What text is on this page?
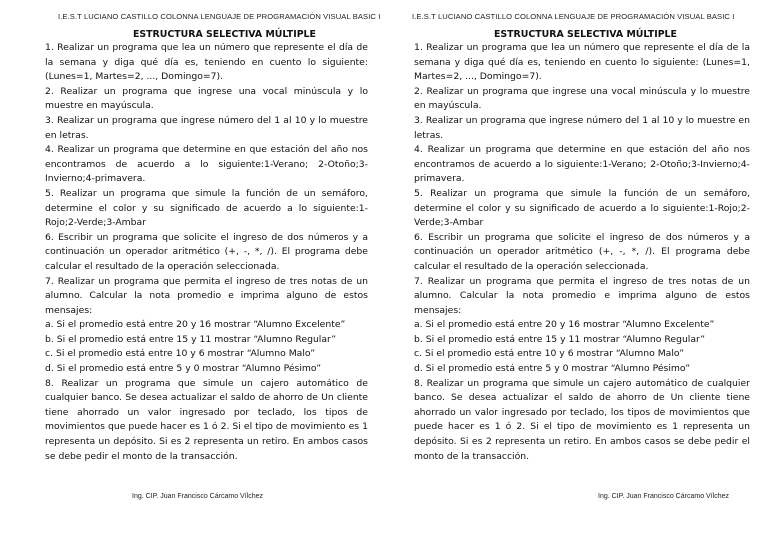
I.E.S.T LUCIANO CASTILLO COLONNA LENGUAJE DE PROGRAMACIÓN VISUAL BASIC I
ESTRUCTURA SELECTIVA MÚLTIPLE

1. Realizar un programa que lea un número que represente el día de la semana y diga qué día es, teniendo en cuento lo siguiente: (Lunes=1, Martes=2, ..., Domingo=7).

2. Realizar un programa que ingrese una vocal minúscula y lo muestre en mayúscula.

3. Realizar un programa que ingrese número del 1 al 10 y lo muestre en letras.

4. Realizar un programa que determine en que estación del año nos encontramos de acuerdo a lo siguiente:1-Verano; 2-Otoño;3-Invierno;4-primavera.

5. Realizar un programa que simule la función de un semáforo, determine el color y su significado de acuerdo a lo siguiente:1-Rojo;2-Verde;3-Ambar

6. Escribir un programa que solicite el ingreso de dos números y a continuación un operador aritmético (+, -, *, /). El programa debe calcular el resultado de la operación seleccionada.

7. Realizar un programa que permita el ingreso de tres notas de un alumno. Calcular la nota promedio e imprima alguno de estos mensajes:

a. Si el promedio está entre 20 y 16 mostrar “Alumno Excelente”

b. Si el promedio está entre 15 y 11 mostrar “Alumno Regular”

c. Si el promedio está entre 10 y 6 mostrar “Alumno Malo”

d. Si el promedio está entre 5 y 0 mostrar “Alumno Pésimo”

8. Realizar un programa que simule un cajero automático de cualquier banco. Se desea actualizar el saldo de ahorro de Un cliente tiene ahorrado un valor ingresado por teclado, los tipos de movimientos que puede hacer es 1 ó 2. Si el tipo de movimiento es 1 representa un depósito. Si es 2 representa un retiro. En ambos casos se debe pedir el monto de la transacción.

Ing. CIP. Juan Francisco Cárcamo Vílchez
I.E.S.T LUCIANO CASTILLO COLONNA LENGUAJE DE PROGRAMACIÓN VISUAL BASIC I
ESTRUCTURA SELECTIVA MÚLTIPLE

1. Realizar un programa que lea un número que represente el día de la semana y diga qué día es, teniendo en cuento lo siguiente: (Lunes=1, Martes=2, ..., Domingo=7).

2. Realizar un programa que ingrese una vocal minúscula y lo muestre en mayúscula.

3. Realizar un programa que ingrese número del 1 al 10 y lo muestre en letras.

4. Realizar un programa que determine en que estación del año nos encontramos de acuerdo a lo siguiente:1-Verano; 2-Otoño;3-Invierno;4-primavera.

5. Realizar un programa que simule la función de un semáforo, determine el color y su significado de acuerdo a lo siguiente:1-Rojo;2-Verde;3-Ambar

6. Escribir un programa que solicite el ingreso de dos números y a continuación un operador aritmético (+, -, *, /). El programa debe calcular el resultado de la operación seleccionada.

7. Realizar un programa que permita el ingreso de tres notas de un alumno. Calcular la nota promedio e imprima alguno de estos mensajes:

a. Si el promedio está entre 20 y 16 mostrar “Alumno Excelente”

b. Si el promedio está entre 15 y 11 mostrar “Alumno Regular”

c. Si el promedio está entre 10 y 6 mostrar “Alumno Malo”

d. Si el promedio está entre 5 y 0 mostrar “Alumno Pésimo”

8. Realizar un programa que simule un cajero automático de cualquier banco. Se desea actualizar el saldo de ahorro de Un cliente tiene ahorrado un valor ingresado por teclado, los tipos de movimientos que puede hacer es 1 ó 2. Si el tipo de movimiento es 1 representa un depósito. Si es 2 representa un retiro. En ambos casos se debe pedir el monto de la transacción.

Ing. CIP. Juan Francisco Cárcamo Vílchez
